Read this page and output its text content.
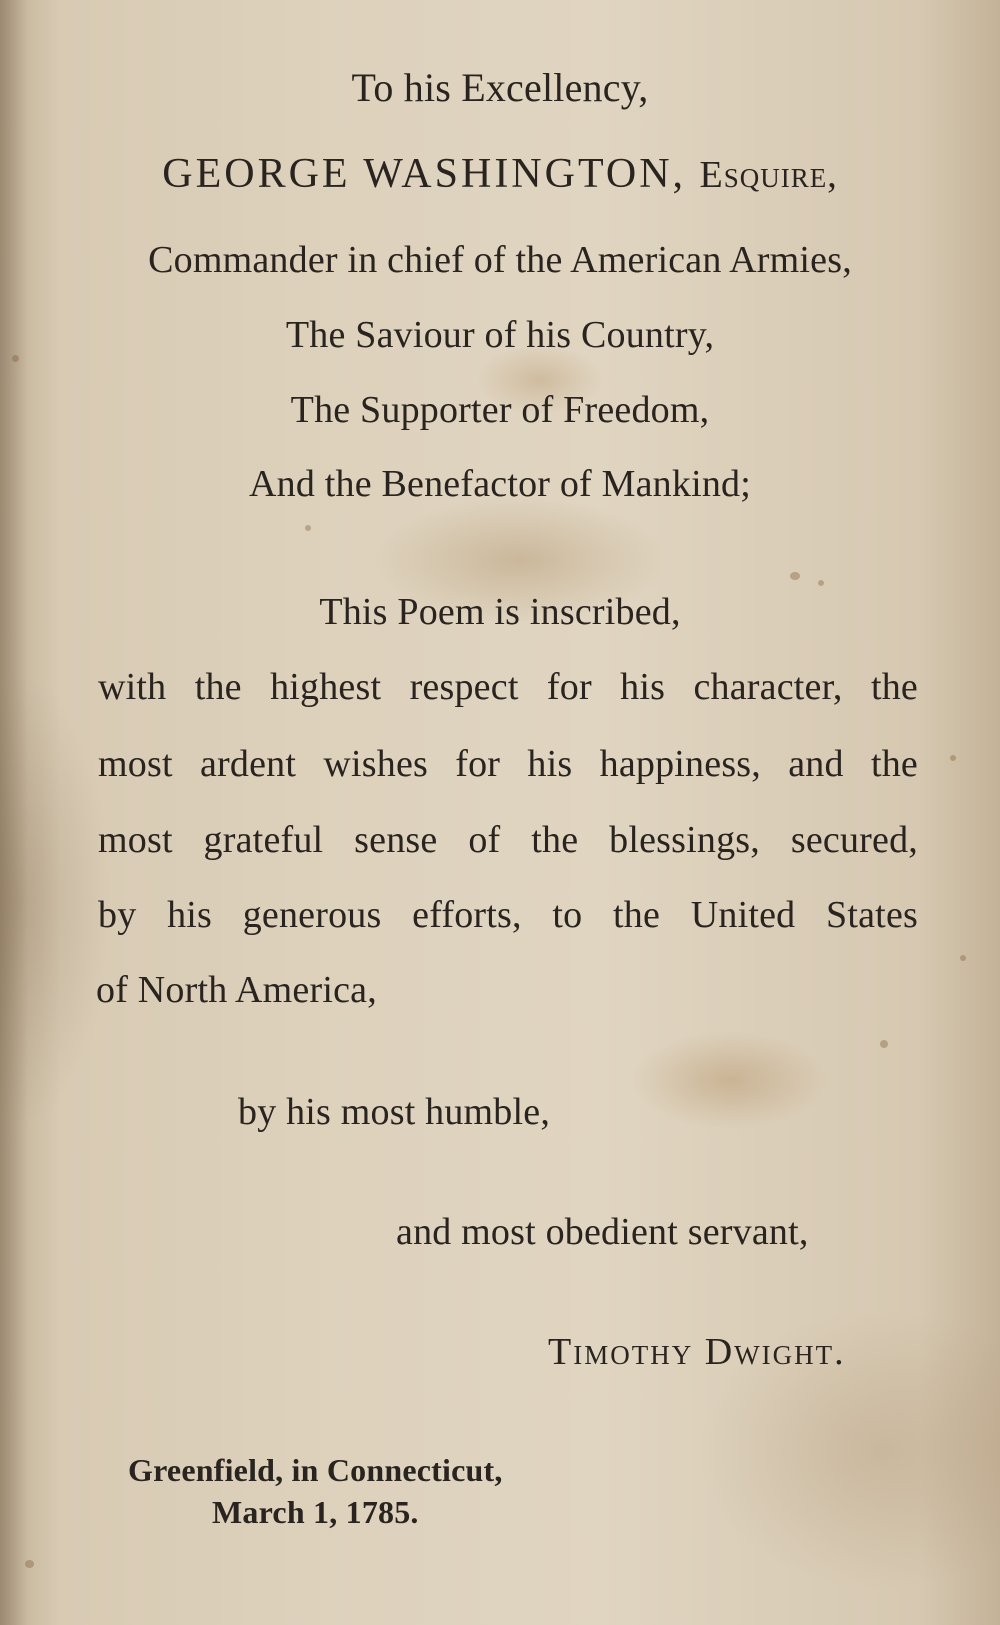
To his Excellency,
GEORGE WASHINGTON, Esquire,
Commander in chief of the American Armies,
The Saviour of his Country,
The Supporter of Freedom,
And the Benefactor of Mankind;
This Poem is inscribed,
with the highest respect for his character, the
most ardent wishes for his happiness, and the
most grateful sense of the blessings, secured,
by his generous efforts, to the United States
of North America,
by his most humble,
and most obedient servant,
Timothy Dwight.
Greenfield, in Connecticut,
March 1, 1785.
